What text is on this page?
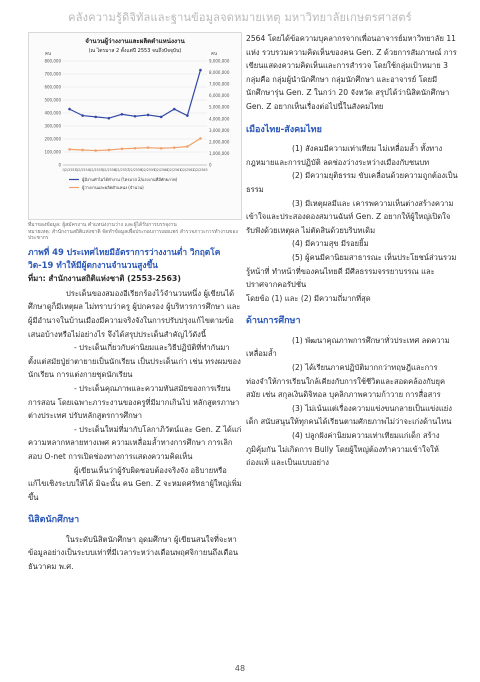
คลังความรู้ดิจิทัลและฐานข้อมูลจดหมายเหตุ มหาวิทยาลัยเกษตรศาสตร์
จำนวนผู้ว่างงานและผลิตตำแหน่งงาน
(ณ ไตรมาส 2 ตั้งแต่ปี 2553 จนถึงปัจจุบัน)
คน	คน
800,000
700,000
600,000
500,000
400,000
300,000
200,000
100,000
0
9,000,000
8,000,000
7,000,000
6,000,000
5,000,000
4,000,000
3,000,000
2,000,000
1,000,000
0
Q2/2553
Q2/2554
Q2/2555
Q2/2556
Q2/2557
Q2/2558
Q2/2559
Q2/2560
Q2/2561
Q2/2562
Q2/2563
ผู้มีงานทำไม่ได้ทำงาน (ไตรมาส 2/แรงงานที่มีศักยภาพ)
ผู้ว่างงานและผลิตตำแหน่ง (จำนวน)
ที่มาของข้อมูล: ผู้สมัครงาน ตำแหน่งงานว่าง และผู้ได้รับการบรรจุงาน
หมายเหตุ: สำนักงานสถิติแห่งชาติ จัดทำข้อมูลเพื่อประกอบการเผยแพร่ สำรวจภาวะการทำงานของประชากร
ภาพที่ 49 ประเทศไทยมีอัตราการว่างงานต่ำ วิกฤตโควิด-19 ทำให้มีผู้ตกงานจำนวนสูงขึ้น
ที่มา: สำนักงานสถิติแห่งชาติ (2553-2563)

ประเด็นของสมองอีเรียกร้องไว้จำนวนหนึ่ง ผู้เขียนได้ศึกษาดูก็มีเหตุผล ไม่ทราบว่าครู ผู้ปกครอง ผู้บริหารการศึกษา และผู้มีอำนาจในบ้านเมืองมีความจริงจังในการปรับปรุงแก้ไขตามข้อเสนอบ้างหรือไม่อย่างไร จึงได้สรุปประเด็นสำคัญไว้ดังนี้

- ประเด็นเกี่ยวกับค่านิยมและวิธีปฏิบัติที่ทำกันมาตั้งแต่สมัยปู่ย่าตายายเป็นนักเรียน เป็นประเด็นเก่า เช่น ทรงผมของนักเรียน การแต่งกายชุดนักเรียน

- ประเด็นคุณภาพและความทันสมัยของการเรียนการสอน โดยเฉพาะภาระงานของครูที่มีมากเกินไป หลักสูตรภาษาต่างประเทศ ปรับหลักสูตรการศึกษา

- ประเด็นใหม่ที่มากับโลกาภิวัตน์และ Gen. Z ได้แก่ ความหลากหลายทางเพศ ความเหลื่อมล้ำทางการศึกษา การเลิกสอบ O-net การเปิดช่องทางการแสดงความคิดเห็น

ผู้เขียนเห็นว่าผู้รับผิดชอบต้องจริงจัง อธิบายหรือแก้ไขเชิงระบบให้ได้ มิฉะนั้น คน Gen. Z จะหมดศรัทธาผู้ใหญ่เพิ่มขึ้น

นิสิตนักศึกษา

ในระดับนิสิตนักศึกษา อุดมศึกษา ผู้เขียนสนใจที่จะหาข้อมูลอย่างเป็นระบบเท่าที่มีเวลาระหว่างเดือนพฤศจิกายนถึงเดือนธันวาคม พ.ศ.

2564 โดยได้ข้อความบุคลากรจากเพื่อนอาจารย์มหาวิทยาลัย 11 แห่ง รวบรวมความคิดเห็นของคน Gen. Z ด้วยการสัมภาษณ์ การเขียนแสดงความคิดเห็นและการสำรวจ โดยใช้กลุ่มเป้าหมาย 3 กลุ่มคือ กลุ่มผู้นำนักศึกษา กลุ่มนักศึกษา และอาจารย์ โดยมีนักศึกษารุ่น Gen. Z ในกว่า 20 จังหวัด สรุปได้ว่านิสิตนักศึกษา Gen. Z อยากเห็นเรื่องต่อไปนี้ในสังคมไทย

เมืองไทย-สังคมไทย

(1) สังคมมีความเท่าเทียม ไม่เหลื่อมล้ำ ทั้งทางกฎหมายและการปฏิบัติ ลดช่องว่างระหว่างเมืองกับชนบท

(2) มีความยุติธรรม ขับเคลื่อนด้วยความถูกต้องเป็นธรรม

(3) มีเหตุผลมีและ เคารพความเห็นต่างสร้างความเข้าใจและประสองดองสมานฉันท์ Gen. Z อยากให้ผู้ใหญ่เปิดใจรับฟังด้วยเหตุผล ไม่ตัดสินด้วยบริบทเดิม

(4) มีความสุข มีรอยยิ้ม

(5) ผู้คนมีคานิยมสาธารณะ เห็นประโยชน์ส่วนรวม รู้หน้าที่ ทำหน้าที่ของคนไทยดี มีศีลธรรมจรรยาบรรณ และปราศจากคอรัปชั่น

โดยข้อ (1) และ (2) มีความถี่มากที่สุด

ด้านการศึกษา

(1) พัฒนาคุณภาพการศึกษาทั่วประเทศ ลดความเหลื่อมล้ำ

(2) ได้เรียนภาคปฏิบัติมากกว่าทฤษฎีและการท่องจำให้การเรียนใกล้เคียงกับการใช้ชีวิตและสอดคล้องกับยุคสมัย เช่น สกุลเงินดิจิทอล บุคลิกภาพความก้าวาย การสื่อสาร

(3) ไม่เน้นแต่เรื่องความแข่งขนกลายเป็นแข่งแย่งเด็ก สนับสนุนให้ทุกคนได้เรียนตามศักยภาพไม่ว่าจะเก่งด้านไหน

(4) ปลูกฝังค่านิยมความเท่าเทียมแก่เด็ก สร้างภูมิคุ้มกัน ไม่เกิดการ Bully โดยผู้ใหญ่ต้องทำความเข้าใจให้ถ่องแท้ และเป็นแบบอย่าง

48
